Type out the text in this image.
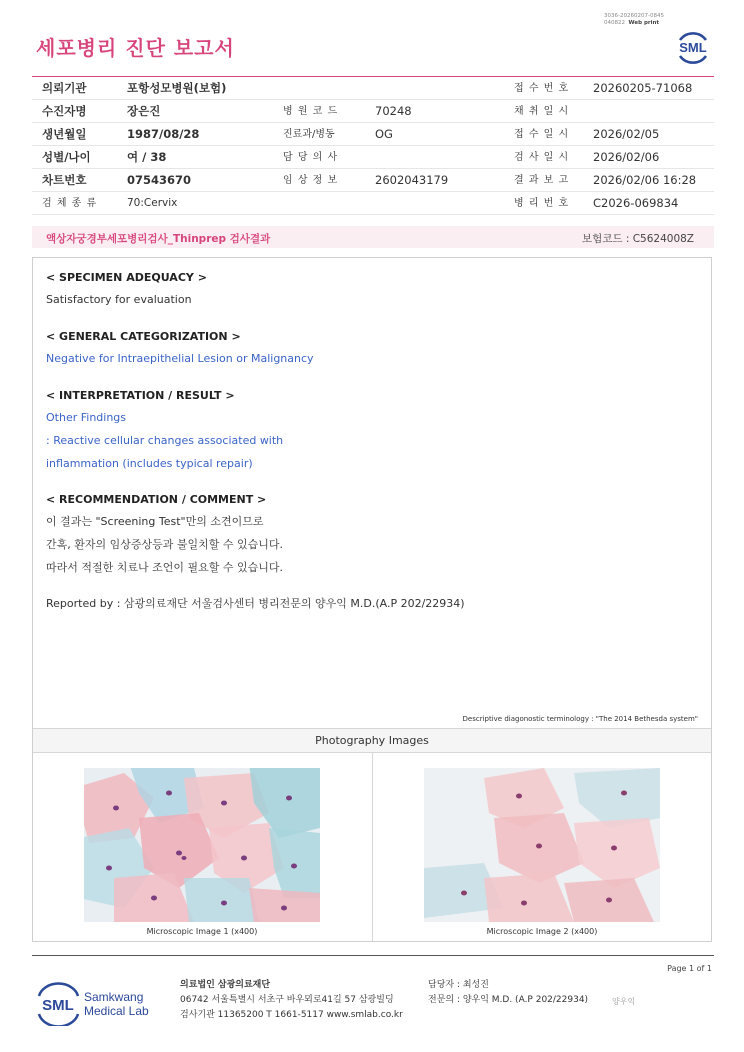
3036-20260207-0845
040822 Web print
세포병리 진단 보고서	SML
의뢰기관	포항성모병원(보험)	접 수 번 호 20260205-71068
수진자명	장은진	병 원 코 드	70248	채 취 일 시
생년월일	1987/08/28	진료과/병동	OG	접 수 일 시 2026/02/05
성별/나이	여 / 38	담 당 의 사	검 사 일 시 2026/02/06
차트번호	07543670	임 상 정 보	2602043179	결 과 보 고 2026/02/06 16:28
검 체 종 류	70:Cervix	병 리 번 호 C2026-069834
액상자궁경부세포병리검사_Thinprep 검사결과	보험코드 : C5624008Z
< SPECIMEN ADEQUACY >
Satisfactory for evaluation
< GENERAL CATEGORIZATION >
Negative for Intraepithelial Lesion or Malignancy
< INTERPRETATION / RESULT >
Other Findings
: Reactive cellular changes associated with
inflammation (includes typical repair)
< RECOMMENDATION / COMMENT >
이 결과는 "Screening Test"만의 소견이므로
간혹, 환자의 임상증상등과 불일치할 수 있습니다.
따라서 적절한 치료나 조언이 필요할 수 있습니다.
Reported by : 삼광의료재단 서울검사센터 병리전문의 양우익 M.D.(A.P 202/22934)
Descriptive diagonostic terminology : "The 2014 Bethesda system"
Photography Images
Microscopic Image 1 (x400)	Microscopic Image 2 (x400)
Page 1 of 1
SML Samkwang
Medical Lab
의료법인 삼광의료재단
06742 서울특별시 서초구 바우뫼로41길 57 삼광빌딩
검사기관 11365200 T 1661-5117 www.smlab.co.kr
담당자 : 최성진
전문의 : 양우익 M.D. (A.P 202/22934)	양우익
